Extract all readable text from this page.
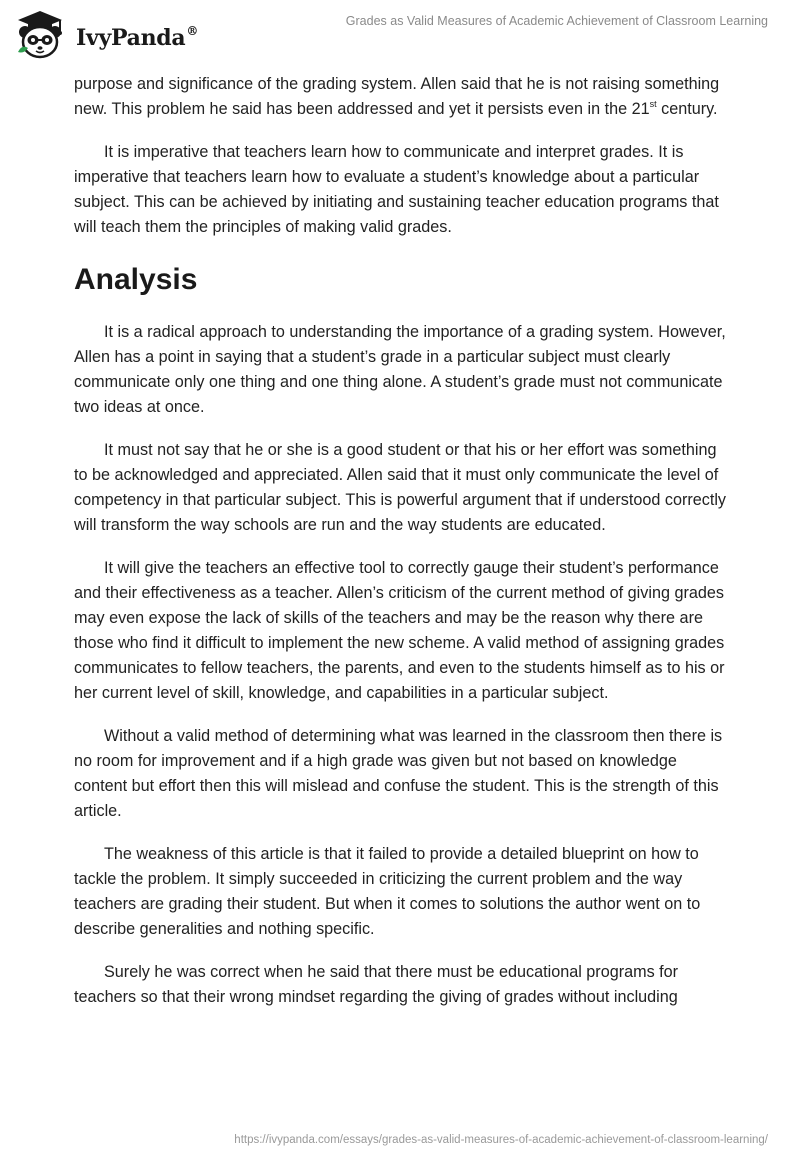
IvyPanda®
Grades as Valid Measures of Academic Achievement of Classroom Learning

purpose and significance of the grading system. Allen said that he is not raising something new. This problem he said has been addressed and yet it persists even in the 21st century.

It is imperative that teachers learn how to communicate and interpret grades. It is imperative that teachers learn how to evaluate a student’s knowledge about a particular subject. This can be achieved by initiating and sustaining teacher education programs that will teach them the principles of making valid grades.

Analysis

It is a radical approach to understanding the importance of a grading system. However, Allen has a point in saying that a student’s grade in a particular subject must clearly communicate only one thing and one thing alone. A student’s grade must not communicate two ideas at once.

It must not say that he or she is a good student or that his or her effort was something to be acknowledged and appreciated. Allen said that it must only communicate the level of competency in that particular subject. This is powerful argument that if understood correctly will transform the way schools are run and the way students are educated.

It will give the teachers an effective tool to correctly gauge their student’s performance and their effectiveness as a teacher. Allen’s criticism of the current method of giving grades may even expose the lack of skills of the teachers and may be the reason why there are those who find it difficult to implement the new scheme. A valid method of assigning grades communicates to fellow teachers, the parents, and even to the students himself as to his or her current level of skill, knowledge, and capabilities in a particular subject.

Without a valid method of determining what was learned in the classroom then there is no room for improvement and if a high grade was given but not based on knowledge content but effort then this will mislead and confuse the student. This is the strength of this article.

The weakness of this article is that it failed to provide a detailed blueprint on how to tackle the problem. It simply succeeded in criticizing the current problem and the way teachers are grading their student. But when it comes to solutions the author went on to describe generalities and nothing specific.

Surely he was correct when he said that there must be educational programs for teachers so that their wrong mindset regarding the giving of grades without including

https://ivypanda.com/essays/grades-as-valid-measures-of-academic-achievement-of-classroom-learning/
